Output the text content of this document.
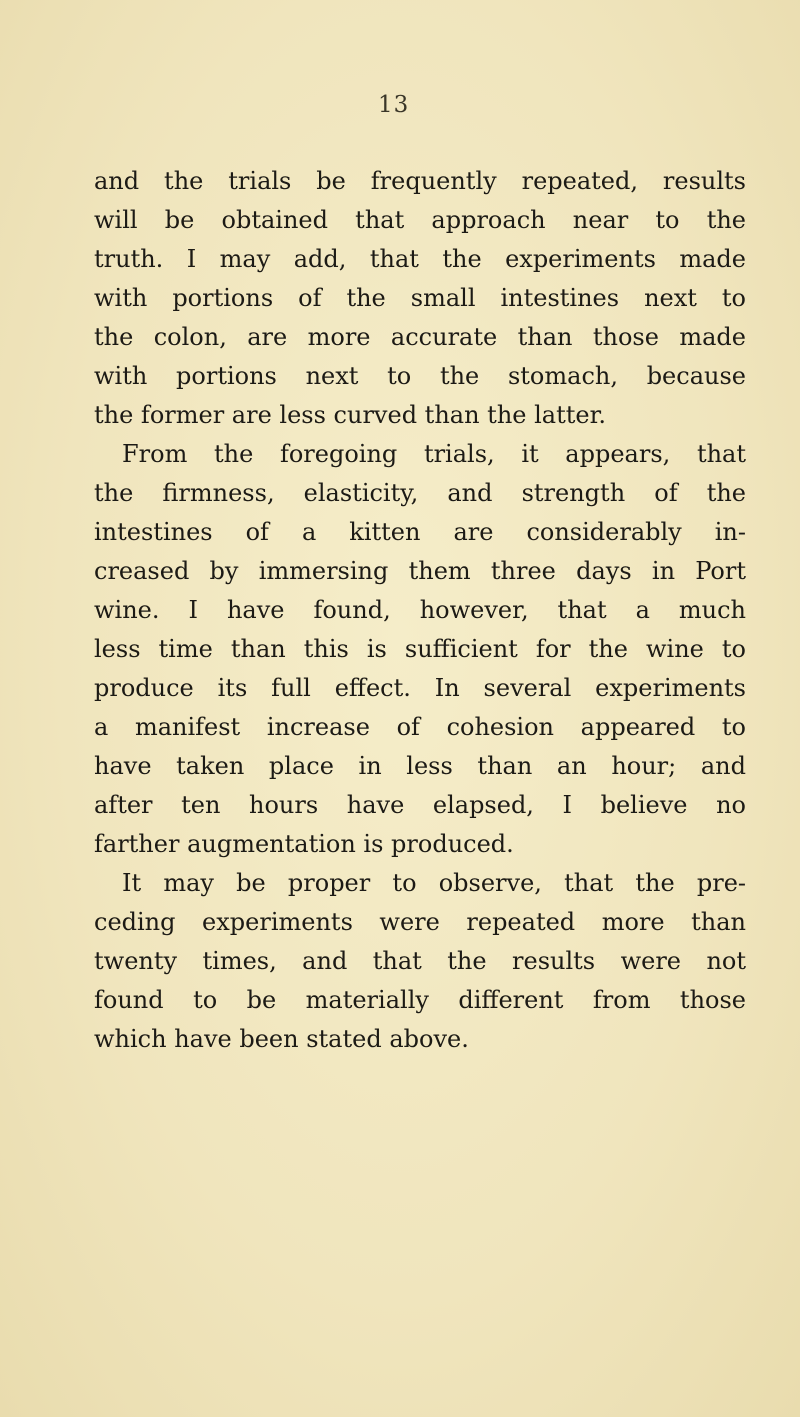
13
and the trials be frequently repeated, results
will be obtained that approach near to the
truth. I may add, that the experiments made
with portions of the small intestines next to
the colon, are more accurate than those made
with portions next to the stomach, because
the former are less curved than the latter.
From the foregoing trials, it appears, that
the firmness, elasticity, and strength of the
intestines of a kitten are considerably in-
creased by immersing them three days in Port
wine. I have found, however, that a much
less time than this is sufficient for the wine to
produce its full effect. In several experiments
a manifest increase of cohesion appeared to
have taken place in less than an hour; and
after ten hours have elapsed, I believe no
farther augmentation is produced.
It may be proper to observe, that the pre-
ceding experiments were repeated more than
twenty times, and that the results were not
found to be materially different from those
which have been stated above.
